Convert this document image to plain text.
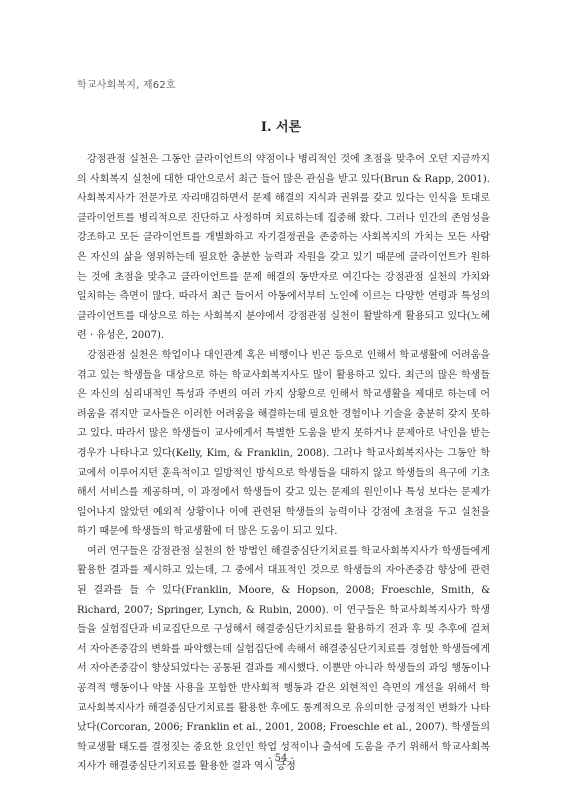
학교사회복지, 제62호
Ⅰ. 서론

강점관점 실천은 그동안 클라이언트의 약점이나 병리적인 것에 초점을 맞추어 오던 지금까지의 사회복지 실천에 대한 대안으로서 최근 들어 많은 관심을 받고 있다(Brun & Rapp, 2001). 사회복지사가 전문가로 자리매김하면서 문제 해결의 지식과 권위를 갖고 있다는 인식을 토대로 클라이언트를 병리적으로 진단하고 사정하며 치료하는데 집중해 왔다. 그러나 인간의 존엄성을 강조하고 모든 클라이언트를 개별화하고 자기결정권을 존중하는 사회복지의 가치는 모든 사람은 자신의 삶을 영위하는데 필요한 충분한 능력과 자원을 갖고 있기 때문에 클라이언트가 원하는 것에 초점을 맞추고 클라이언트를 문제 해결의 동반자로 여긴다는 강점관점 실천의 가치와 일치하는 측면이 많다. 따라서 최근 들어서 아동에서부터 노인에 이르는 다양한 연령과 특성의 클라이언트를 대상으로 하는 사회복지 분야에서 강점관점 실천이 활발하게 활용되고 있다(노혜련 · 유성은, 2007).

강점관점 실천은 학업이나 대인관계 혹은 비행이나 빈곤 등으로 인해서 학교생활에 어려움을 겪고 있는 학생들을 대상으로 하는 학교사회복지사도 많이 활용하고 있다. 최근의 많은 학생들은 자신의 심리내적인 특성과 주변의 여러 가지 상황으로 인해서 학교생활을 제대로 하는데 어려움을 겪지만 교사들은 이러한 어려움을 해결하는데 필요한 경험이나 기술을 충분히 갖지 못하고 있다. 따라서 많은 학생들이 교사에게서 특별한 도움을 받지 못하거나 문제아로 낙인을 받는 경우가 나타나고 있다(Kelly, Kim, & Franklin, 2008). 그러나 학교사회복지사는 그동안 학교에서 이루어지던 훈육적이고 일방적인 방식으로 학생들을 대하지 않고 학생들의 욕구에 기초해서 서비스를 제공하며, 이 과정에서 학생들이 갖고 있는 문제의 원인이나 특성 보다는 문제가 일어나지 않았던 예외적 상황이나 이에 관련된 학생들의 능력이나 강점에 초점을 두고 실천을 하기 때문에 학생들의 학교생활에 더 많은 도움이 되고 있다.

여러 연구들은 강점관점 실천의 한 방법인 해결중심단기치료를 학교사회복지사가 학생들에게 활용한 결과를 제시하고 있는데, 그 중에서 대표적인 것으로 학생들의 자아존중감 향상에 관련된 결과를 들 수 있다(Franklin, Moore, & Hopson, 2008; Froeschle, Smith, & Richard, 2007; Springer, Lynch, & Rubin, 2000). 이 연구들은 학교사회복지사가 학생들을 실험집단과 비교집단으로 구성해서 해결중심단기치료를 활용하기 전과 후 및 추후에 걸쳐서 자아존중감의 변화를 파악했는데 실험집단에 속해서 해결중심단기치료를 경험한 학생들에게서 자아존중감이 향상되었다는 공통된 결과를 제시했다. 이뿐만 아니라 학생들의 과잉 행동이나 공격적 행동이나 약물 사용을 포함한 반사회적 행동과 같은 외현적인 측면의 개선을 위해서 학교사회복지사가 해결중심단기치료를 활용한 후에도 통계적으로 유의미한 긍정적인 변화가 나타났다(Corcoran, 2006; Franklin et al., 2001, 2008; Froeschle et al., 2007). 학생들의 학교생활 태도를 결정짓는 중요한 요인인 학업 성적이나 출석에 도움을 주기 위해서 학교사회복지사가 해결중심단기치료를 활용한 결과 역시 긍정

- 54 -
